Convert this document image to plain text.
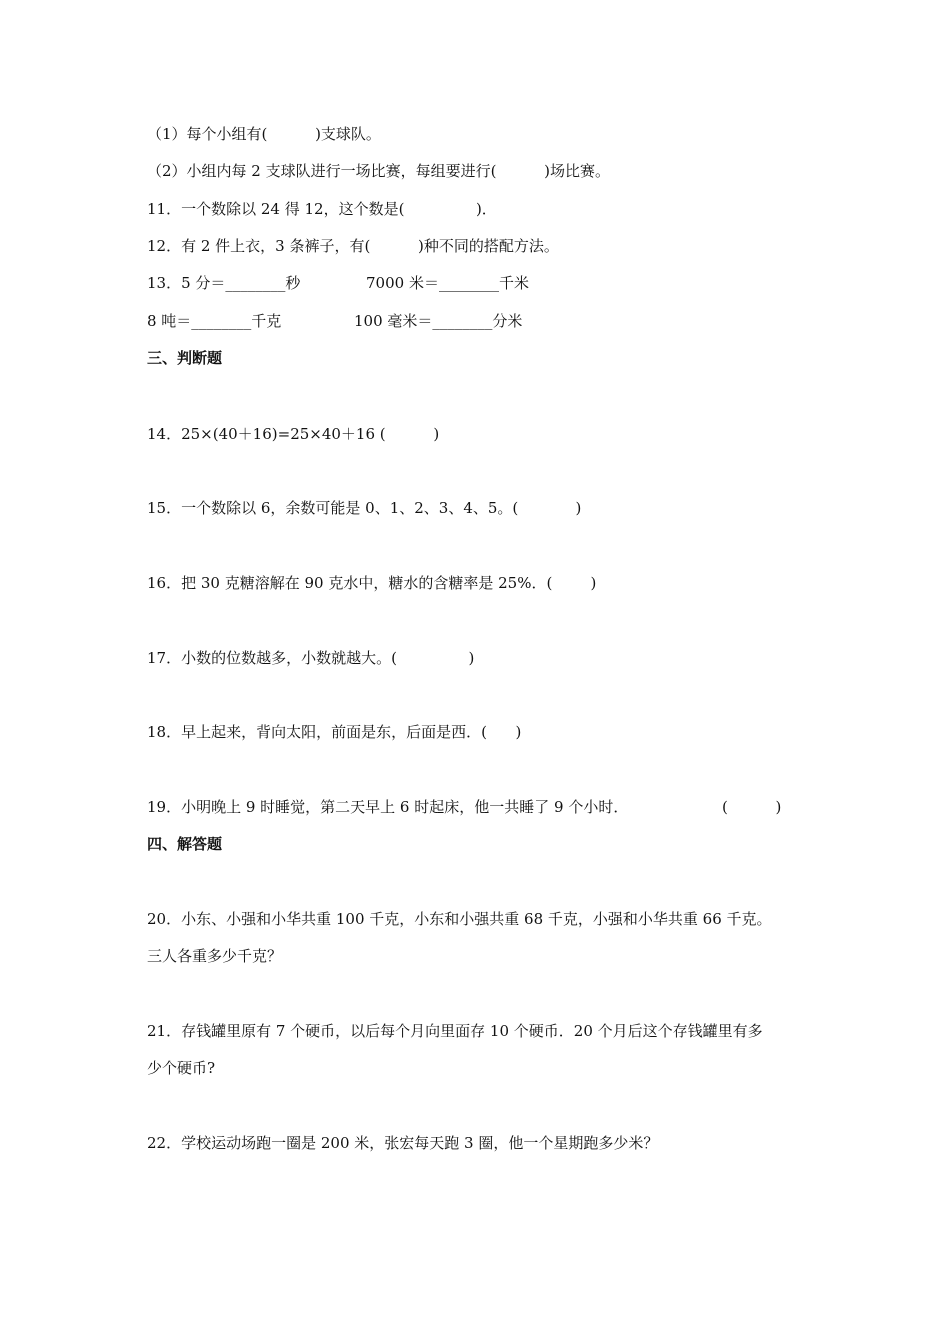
（1）每个小组有(          )支球队。
（2）小组内每 2 支球队进行一场比赛，每组要进行(          )场比赛。
11．一个数除以 24 得 12，这个数是(               )．
12．有 2 件上衣，3 条裤子，有(          )种不同的搭配方法。
13．5 分＝________秒	7000 米＝________千米
8 吨＝________千克	100 毫米＝________分米
三、判断题
14．25×(40＋16)=25×40＋16 (          )
15．一个数除以 6，余数可能是 0、1、2、3、4、5。(            )
16．把 30 克糖溶解在 90 克水中，糖水的含糖率是 25%．(        )
17．小数的位数越多，小数就越大。(               )
18．早上起来，背向太阳，前面是东，后面是西．(      )
19．小明晚上 9 时睡觉，第二天早上 6 时起床，他一共睡了 9 个小时．	(          )
四、解答题
20．小东、小强和小华共重 100 千克，小东和小强共重 68 千克，小强和小华共重 66 千克。
三人各重多少千克？
21．存钱罐里原有 7 个硬币，以后每个月向里面存 10 个硬币．20 个月后这个存钱罐里有多
少个硬币?
22．学校运动场跑一圈是 200 米，张宏每天跑 3 圈，他一个星期跑多少米？
